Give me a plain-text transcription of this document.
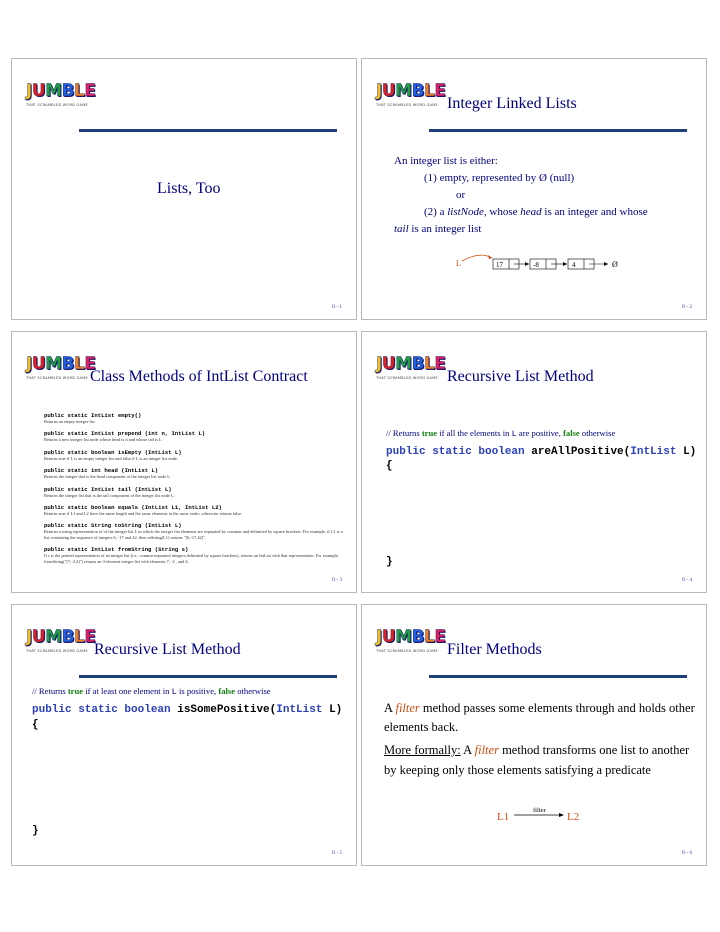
JUMBLE
THAT SCRAMBLED WORD GAME
Lists, Too
O - 1
JUMBLE
THAT SCRAMBLED WORD GAME Integer Linked Lists
An integer list is either:
(1) empty, represented by Ø (null)
or
(2) a listNode, whose head is an integer and whose
tail is an integer list
L	17	-8	4	Ø
O - 2
JUMBLE
THAT SCRAMBLED WORD GAME Class Methods of IntList Contract
public static IntList empty()
Returns an empty integer list
public static IntList prepend (int n, IntList L)
Returns a new integer list node whose head is n and whose tail is L
public static boolean isEmpty (IntList L)
Returns true if L is an empty integer list and false if L is an integer list node.
public static int head (IntList L)
Returns the integer that is the head component of the integer list node L.
public static IntList tail (IntList L)
Returns the integer list that is the tail component of the integer list node L.
public static boolean equals (IntList L1, IntList L2)
Returns true if L1 and L2 have the same length and the same elements in the same order; otherwise returns false.
public static String toString (IntList L)
Returns a string representation of of the integer list L in which the integer list elements are separated by commas and delimited by square brackets. For example, if L1 is a list containing the sequence of integers 6, -17 and 42, then toString(L1) returns "[6,-17,42]".
public static IntList fromString (String s)
If s is the printed representation of an integer list (i.e., comma-separated integers delimited by square brackets), returns an IntList with that representation. For example, fromString("[7,-2,4]") returns an 3-element integer list with elements 7, -2 , and 4.
O - 3
JUMBLE
THAT SCRAMBLED WORD GAME Recursive List Method
// Returns true if all the elements in L are positive, false otherwise
public static boolean areAllPositive(IntList L)
{
}
O - 4
JUMBLE
THAT SCRAMBLED WORD GAME Recursive List Method
// Returns true if at least one element in L is positive, false otherwise
public static boolean isSomePositive(IntList L)
{
}
O - 5
JUMBLE
THAT SCRAMBLED WORD GAME Filter Methods
A filter method passes some elements through and holds other elements back.
More formally: A filter method transforms one list to another by keeping only those elements satisfying a predicate
L1
filter
L2
O - 6
